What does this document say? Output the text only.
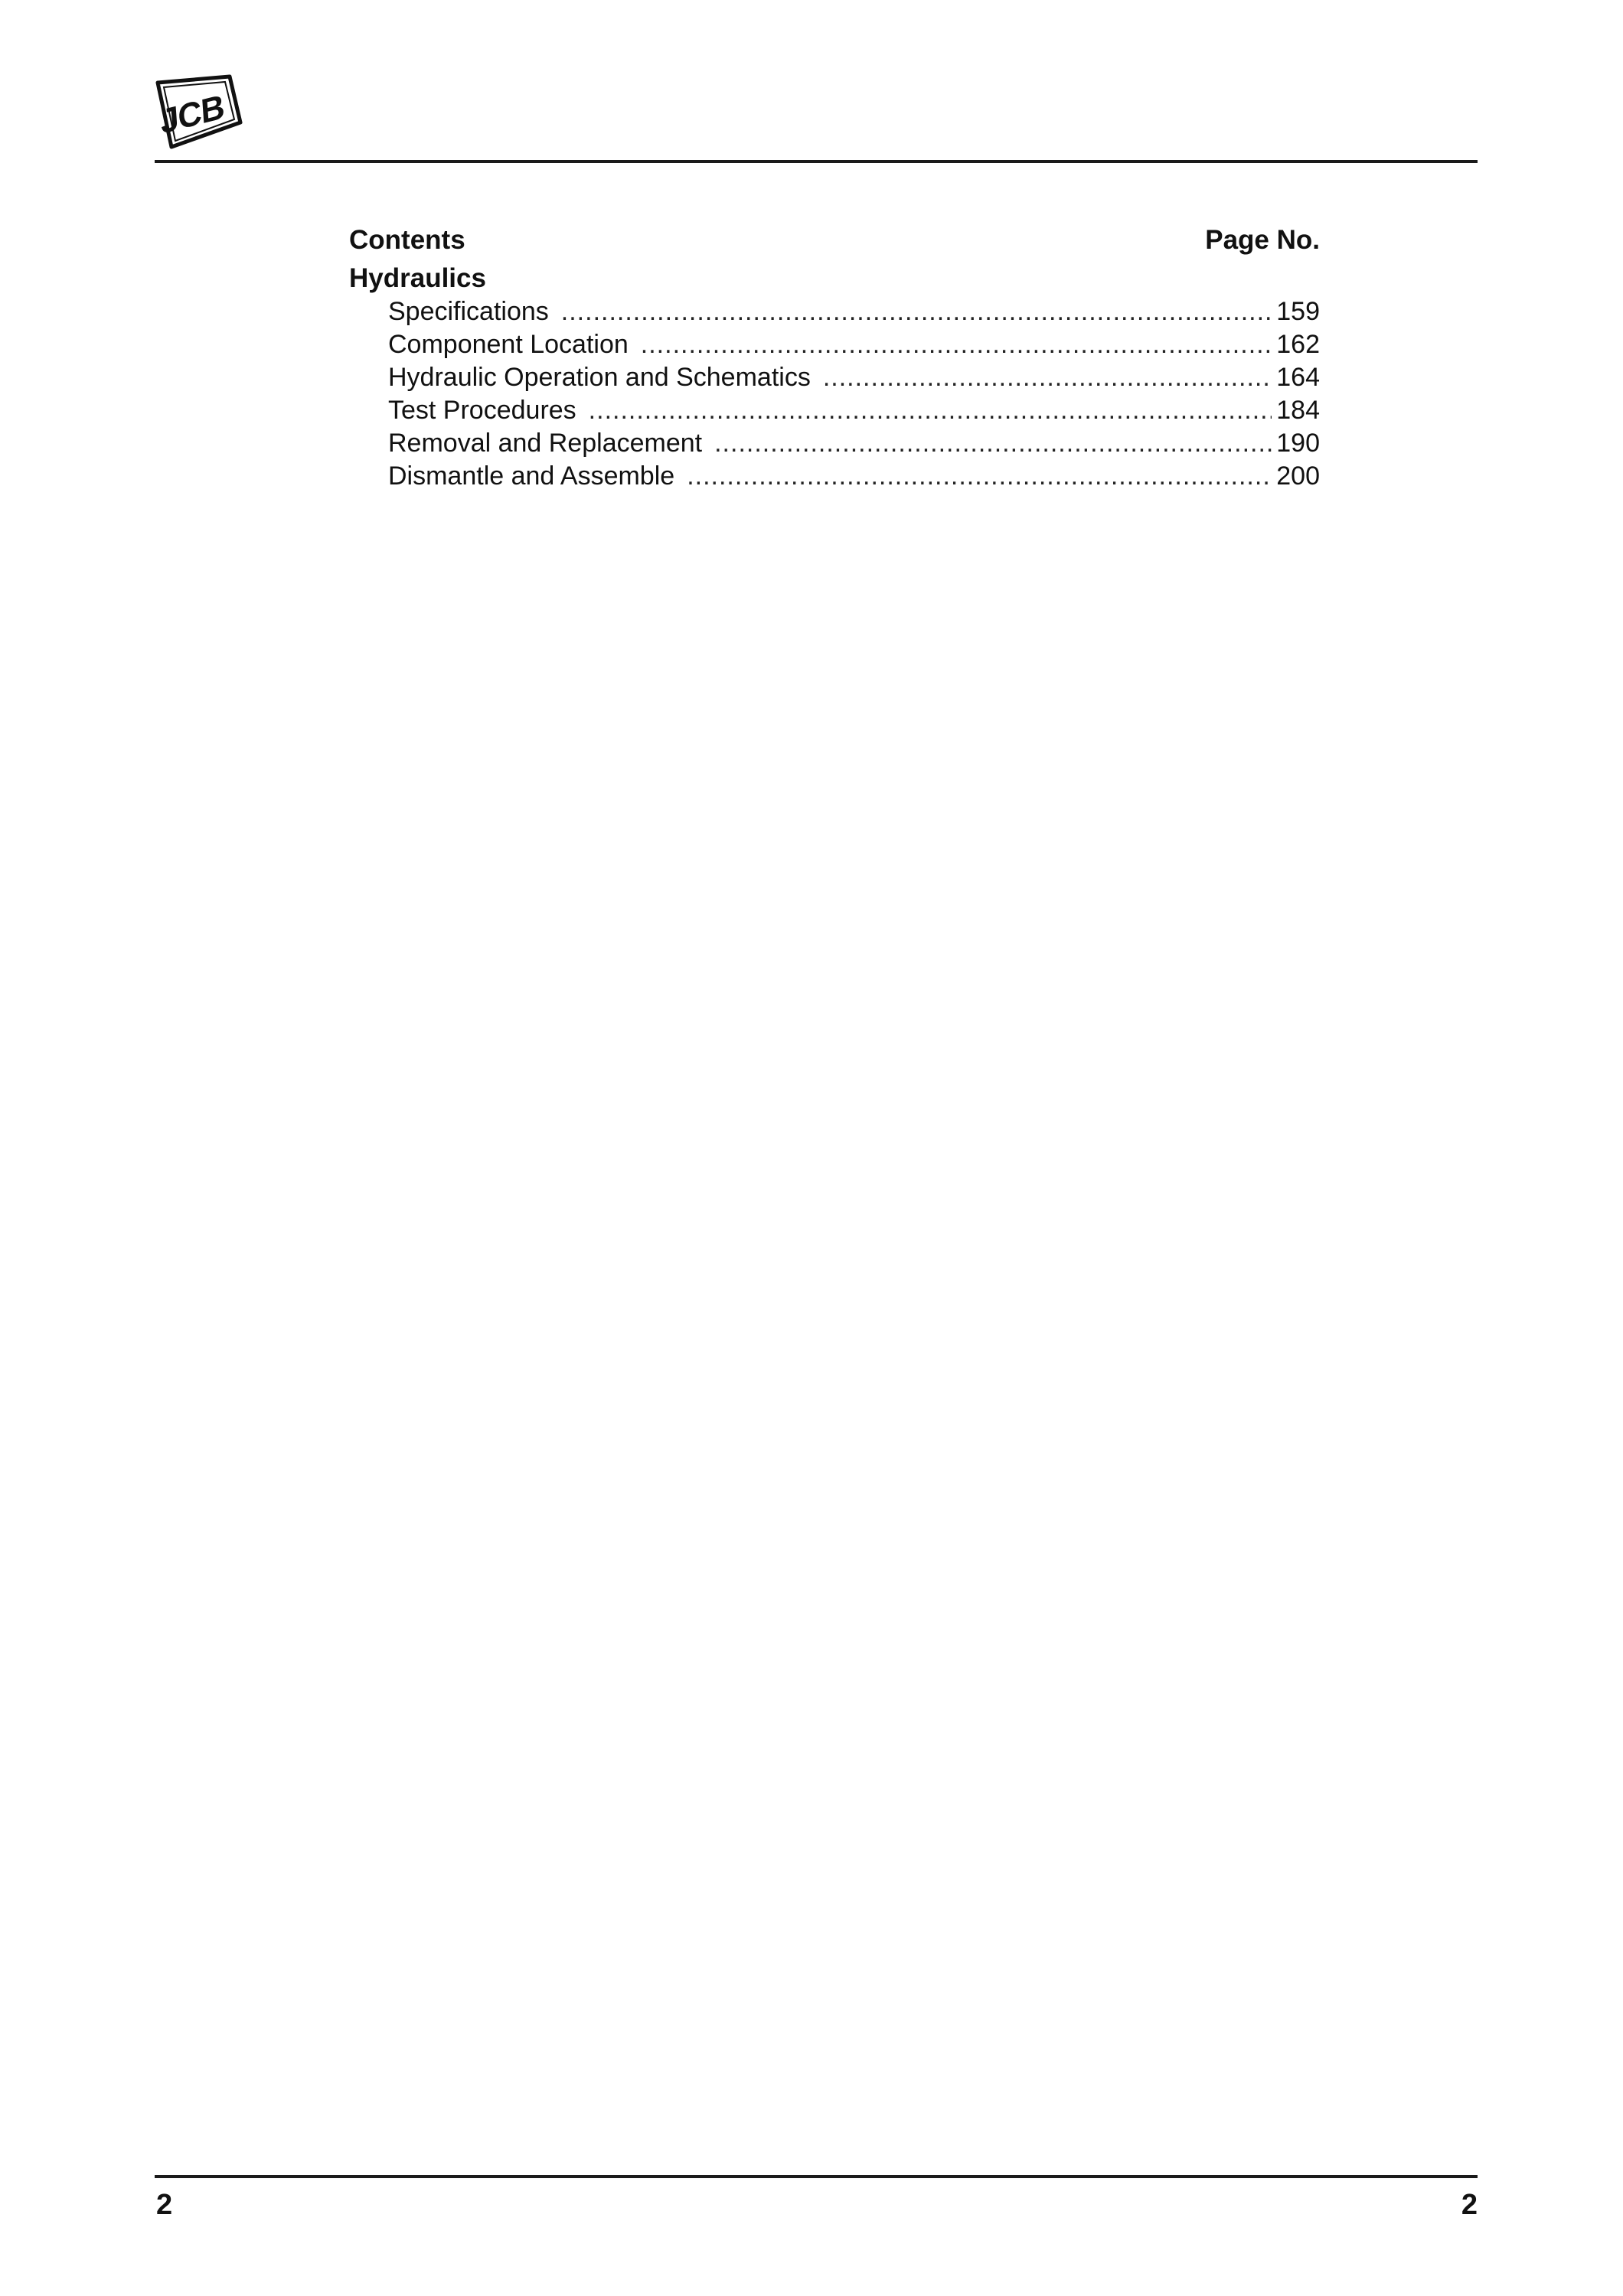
JCB
Contents	Page No.
Hydraulics
Specifications .....	159
Component Location .....	162
Hydraulic Operation and Schematics .....	164
Test Procedures .....	184
Removal and Replacement .....	190
Dismantle and Assemble .....	200
2	2
